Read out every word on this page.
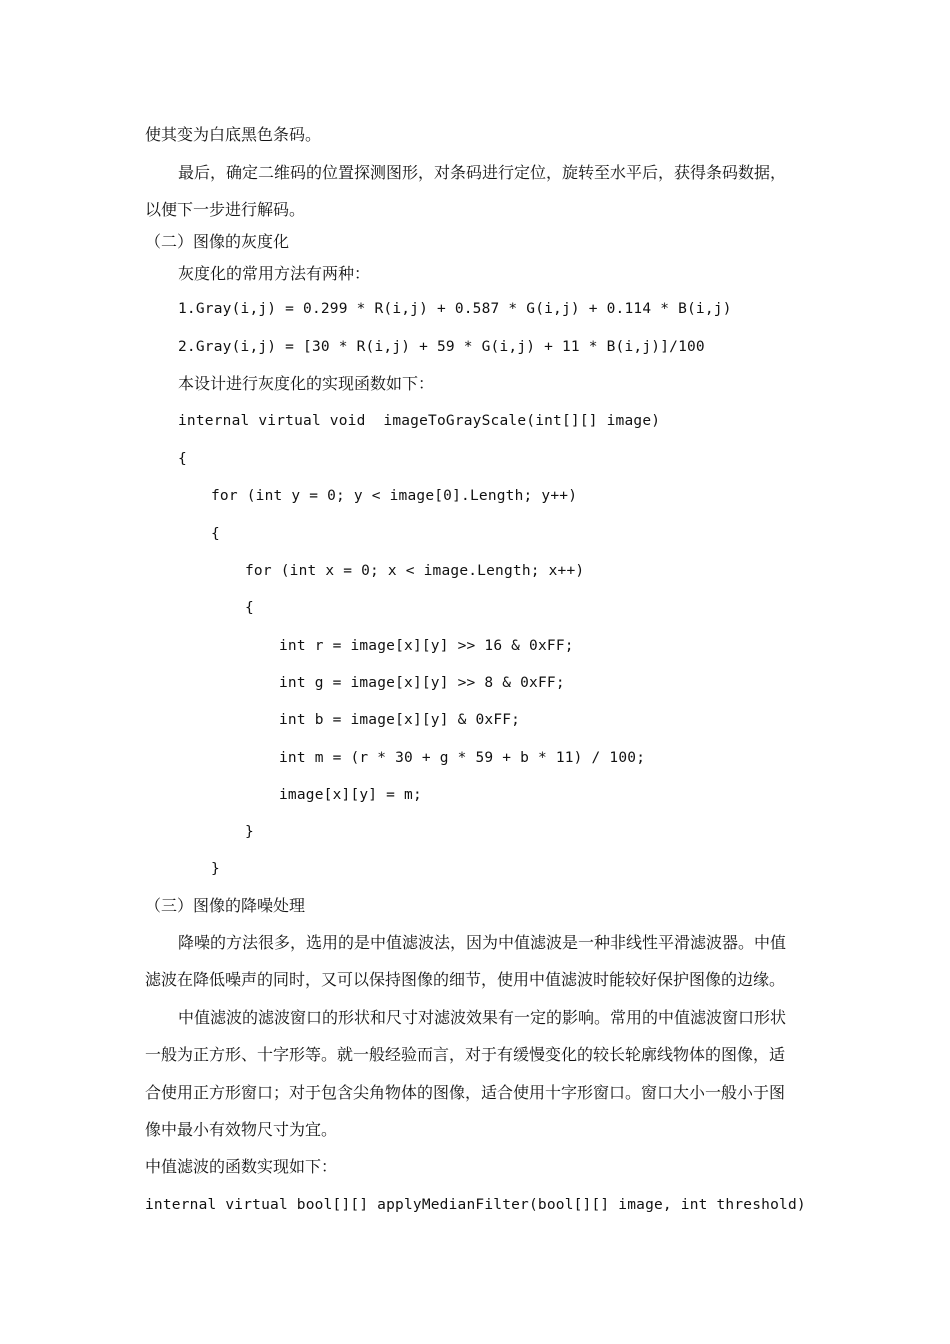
使其变为白底黑色条码。
最后，确定二维码的位置探测图形，对条码进行定位，旋转至水平后，获得条码数据，
以便下一步进行解码。
（二）图像的灰度化
灰度化的常用方法有两种：
1.Gray(i,j) = 0.299 * R(i,j) + 0.587 * G(i,j) + 0.114 * B(i,j)
2.Gray(i,j) = [30 * R(i,j) + 59 * G(i,j) + 11 * B(i,j)]/100
本设计进行灰度化的实现函数如下：
internal virtual void  imageToGrayScale(int[][] image)
{
for (int y = 0; y < image[0].Length; y++)
{
for (int x = 0; x < image.Length; x++)
{
int r = image[x][y] >> 16 & 0xFF;
int g = image[x][y] >> 8 & 0xFF;
int b = image[x][y] & 0xFF;
int m = (r * 30 + g * 59 + b * 11) / 100;
image[x][y] = m;
}
}
（三）图像的降噪处理
降噪的方法很多，选用的是中值滤波法，因为中值滤波是一种非线性平滑滤波器。中值
滤波在降低噪声的同时，又可以保持图像的细节，使用中值滤波时能较好保护图像的边缘。
中值滤波的滤波窗口的形状和尺寸对滤波效果有一定的影响。常用的中值滤波窗口形状
一般为正方形、十字形等。就一般经验而言，对于有缓慢变化的较长轮廓线物体的图像，适
合使用正方形窗口；对于包含尖角物体的图像，适合使用十字形窗口。窗口大小一般小于图
像中最小有效物尺寸为宜。
中值滤波的函数实现如下：
internal virtual bool[][] applyMedianFilter(bool[][] image, int threshold)
